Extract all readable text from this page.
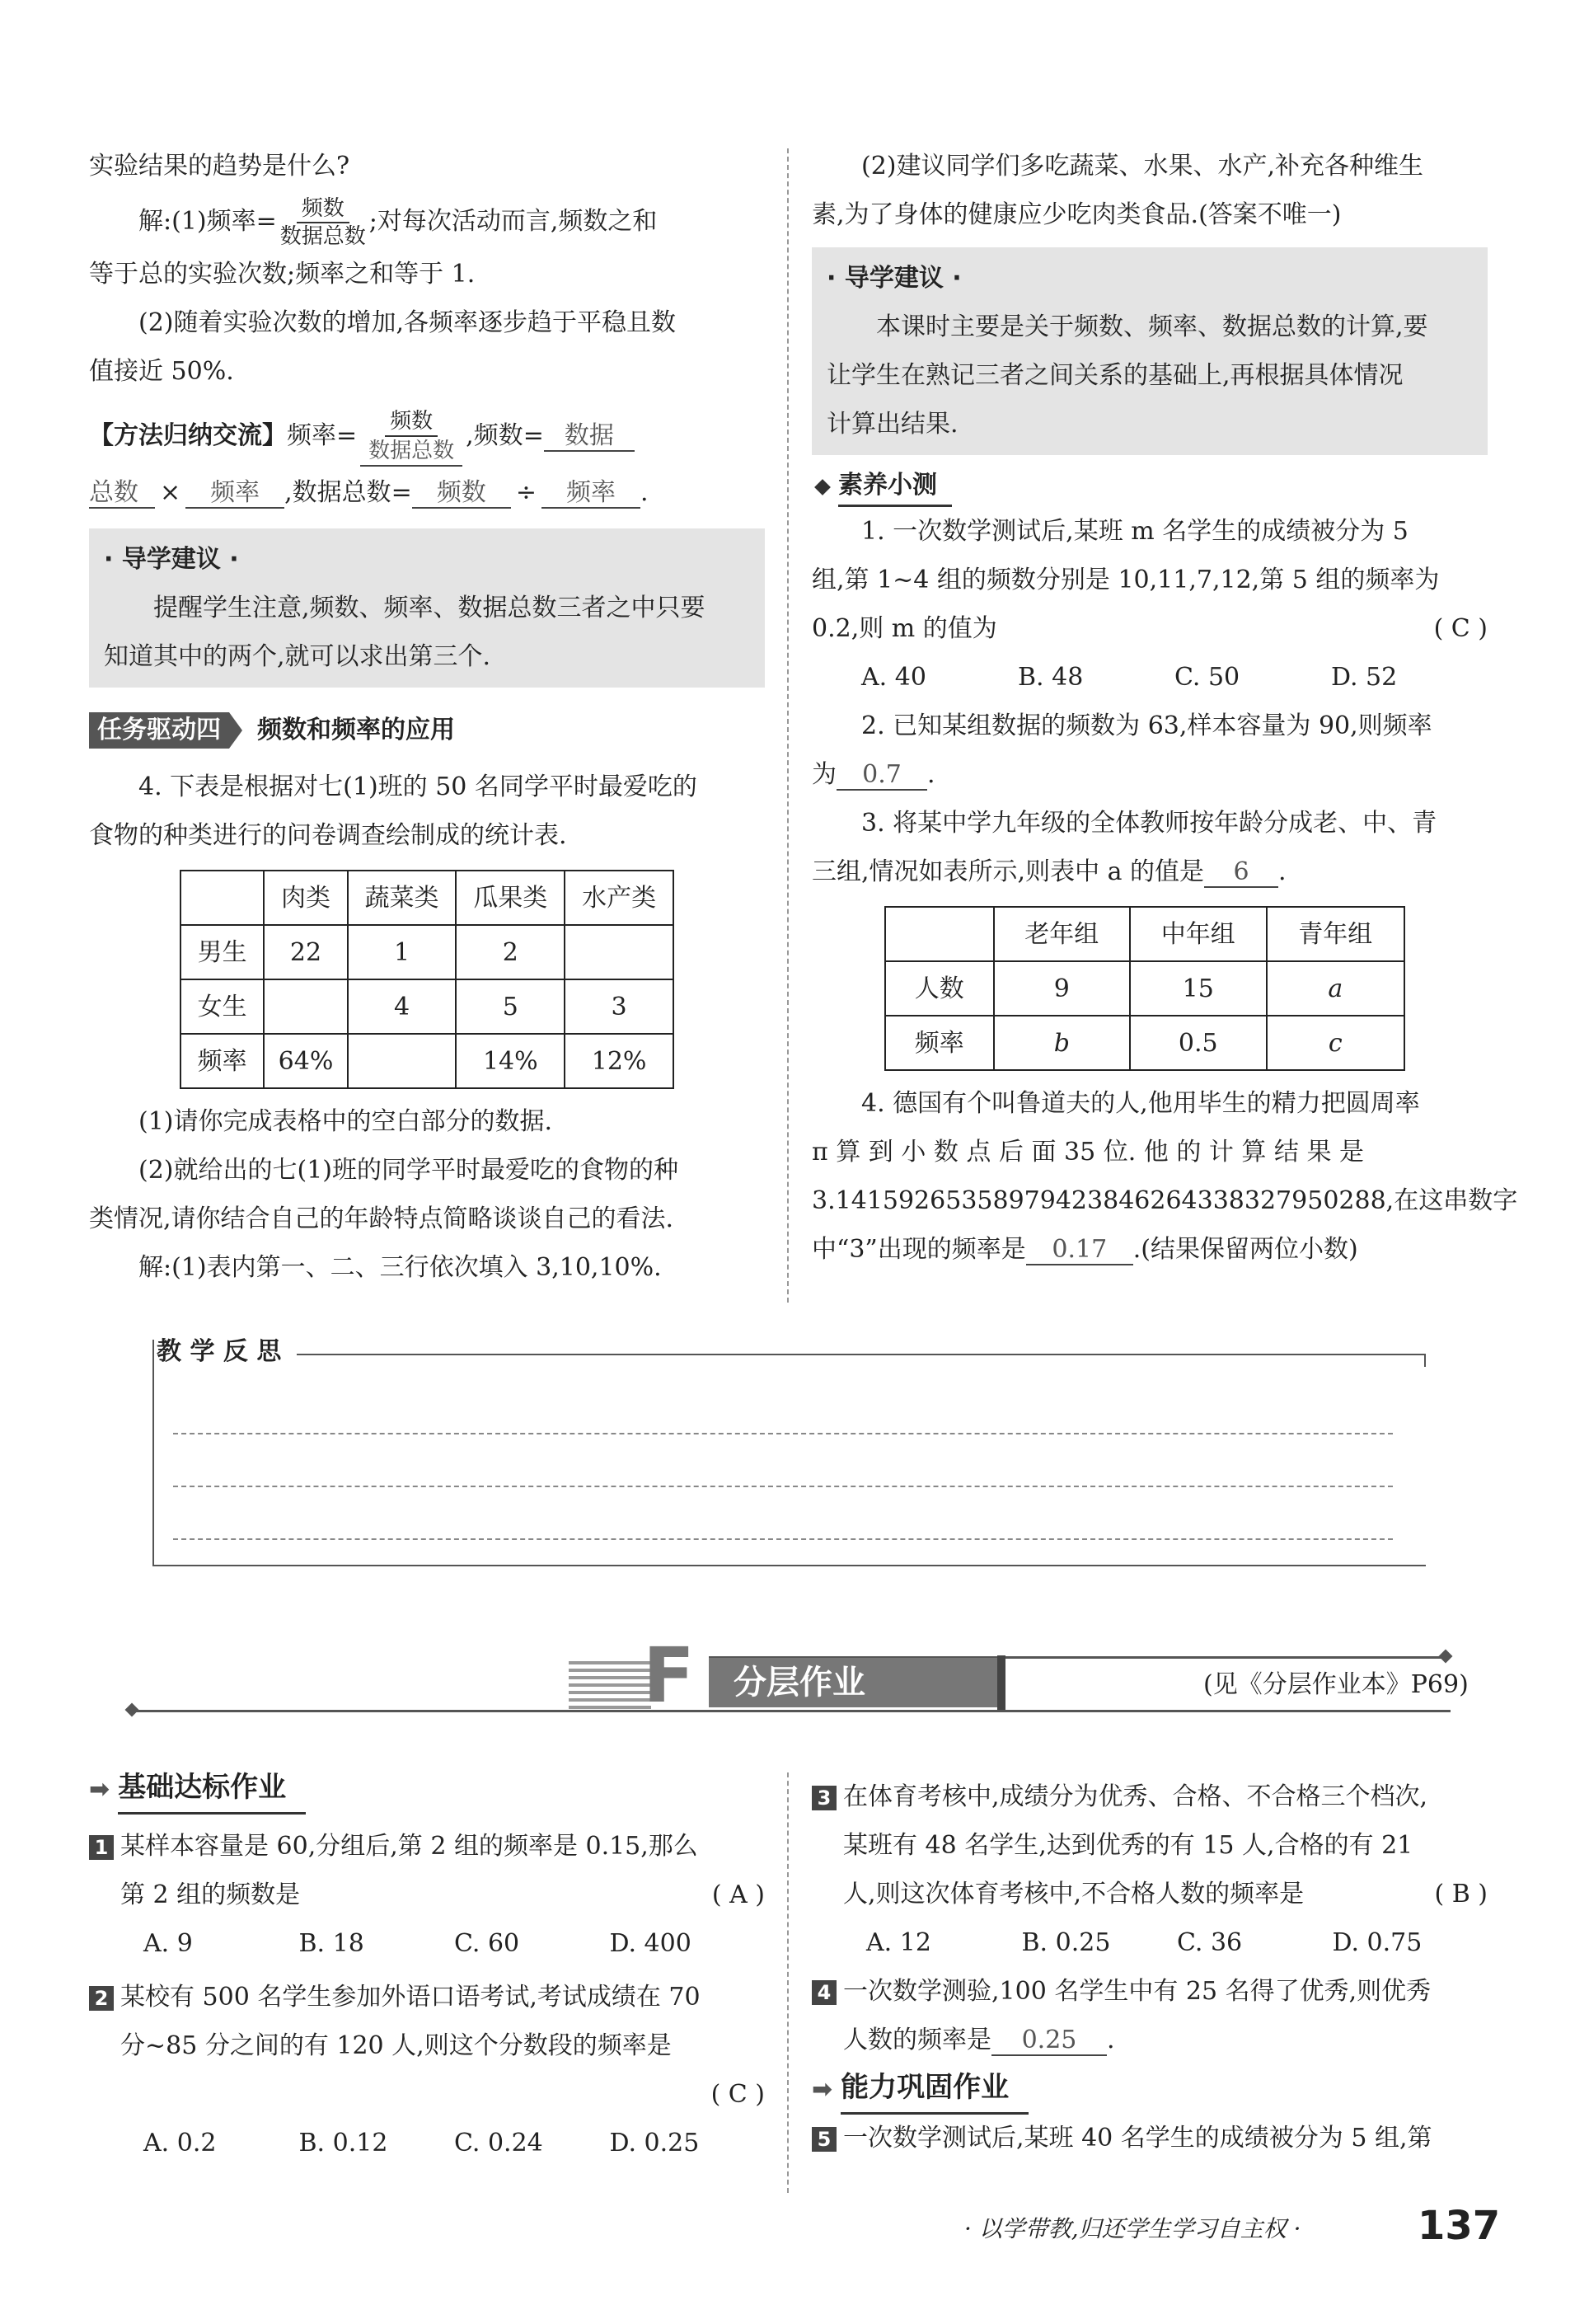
实验结果的趋势是什么?
解:(1)频率= $\frac{\text{频数}}{\text{数据总数}}$ ;对每次活动而言,频数之和
等于总的实验次数;频率之和等于 1.
(2)随着实验次数的增加,各频率逐步趋于平稳且数
值接近 50%.
【方法归纳交流】频率= 频数
数据总数
,频数= 数据
总数 × 频率 ,数据总数= 频数 ÷ 频率 .
· 导学建议 ·
提醒学生注意,频数、频率、数据总数三者之中只要
知道其中的两个,就可以求出第三个.
任务驱动四	频数和频率的应用
4. 下表是根据对七(1)班的 50 名同学平时最爱吃的
食物的种类进行的问卷调查绘制成的统计表.
	肉类	蔬菜类	瓜果类	水产类
男生	22	1	2	
女生		4	5	3
频率	64%		14%	12%
(1)请你完成表格中的空白部分的数据.
(2)就给出的七(1)班的同学平时最爱吃的食物的种
类情况,请你结合自己的年龄特点简略谈谈自己的看法.
解:(1)表内第一、二、三行依次填入 3,10,10%.
(2)建议同学们多吃蔬菜、水果、水产,补充各种维生
素,为了身体的健康应少吃肉类食品.(答案不唯一)
· 导学建议 ·
本课时主要是关于频数、频率、数据总数的计算,要
让学生在熟记三者之间关系的基础上,再根据具体情况
计算出结果.
素养小测
1. 一次数学测试后,某班 m 名学生的成绩被分为 5
组,第 1~4 组的频数分别是 10,11,7,12,第 5 组的频率为
0.2,则 m 的值为	( C )
A. 40	B. 48	C. 50	D. 52
2. 已知某组数据的频数为 63,样本容量为 90,则频率
为 0.7 .
3. 将某中学九年级的全体教师按年龄分成老、中、青
三组,情况如表所示,则表中 a 的值是 6 .
	老年组	中年组	青年组
人数	9	15	a
频率	b	0.5	c
4. 德国有个叫鲁道夫的人,他用毕生的精力把圆周率
π 算 到 小 数 点 后 面 35 位. 他 的 计 算 结 果 是
3.14159265358979423846264338327950288,在这串数字
中“3”出现的频率是 0.17 .(结果保留两位小数)
教 学 反 思
F	分层作业	(见《分层作业本》P69)
➡ 基础达标作业
1 某样本容量是 60,分组后,第 2 组的频率是 0.15,那么
第 2 组的频数是	( A )
A. 9	B. 18	C. 60	D. 400
2 某校有 500 名学生参加外语口语考试,考试成绩在 70
分~85 分之间的有 120 人,则这个分数段的频率是
( C )
A. 0.2	B. 0.12	C. 0.24	D. 0.25
3 在体育考核中,成绩分为优秀、合格、不合格三个档次,
某班有 48 名学生,达到优秀的有 15 人,合格的有 21
人,则这次体育考核中,不合格人数的频率是	( B )
A. 12	B. 0.25	C. 36	D. 0.75
4 一次数学测验,100 名学生中有 25 名得了优秀,则优秀
人数的频率是 0.25 .
➡ 能力巩固作业
5 一次数学测试后,某班 40 名学生的成绩被分为 5 组,第
· 以学带教,归还学生学习自主权 ·	137
